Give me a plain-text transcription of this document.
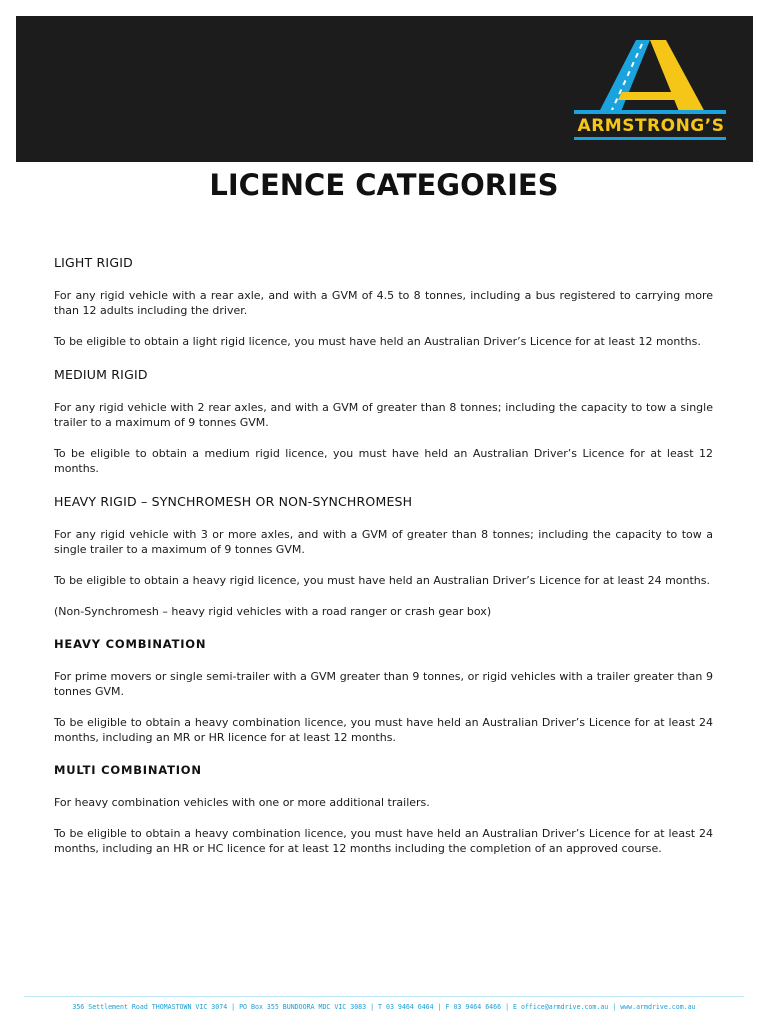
ARMSTRONG’S
LICENCE CATEGORIES
LIGHT RIGID

For any rigid vehicle with a rear axle, and with a GVM of 4.5 to 8 tonnes, including a bus registered to carrying more than 12 adults including the driver.

To be eligible to obtain a light rigid licence, you must have held an Australian Driver’s Licence for at least 12 months.

MEDIUM RIGID

For any rigid vehicle with 2 rear axles, and with a GVM of greater than 8 tonnes; including the capacity to tow a single trailer to a maximum of 9 tonnes GVM.

To be eligible to obtain a medium rigid licence, you must have held an Australian Driver’s Licence for at least 12 months.

HEAVY RIGID – SYNCHROMESH OR NON-SYNCHROMESH

For any rigid vehicle with 3 or more axles, and with a GVM of greater than 8 tonnes; including the capacity to tow a single trailer to a maximum of 9 tonnes GVM.

To be eligible to obtain a heavy rigid licence, you must have held an Australian Driver’s Licence for at least 24 months.

(Non-Synchromesh – heavy rigid vehicles with a road ranger or crash gear box)

HEAVY COMBINATION

For prime movers or single semi-trailer with a GVM greater than 9 tonnes, or rigid vehicles with a trailer greater than 9 tonnes GVM.

To be eligible to obtain a heavy combination licence, you must have held an Australian Driver’s Licence for at least 24 months, including an MR or HR licence for at least 12 months.

MULTI COMBINATION

For heavy combination vehicles with one or more additional trailers.

To be eligible to obtain a heavy combination licence, you must have held an Australian Driver’s Licence for at least 24 months, including an HR or HC licence for at least 12 months including the completion of an approved course.

356 Settlement Road THOMASTOWN VIC 3074 | PO Box 355 BUNDOORA MDC VIC 3083 | T 03 9464 6464 | F 03 9464 6466 | E office@armdrive.com.au | www.armdrive.com.au
